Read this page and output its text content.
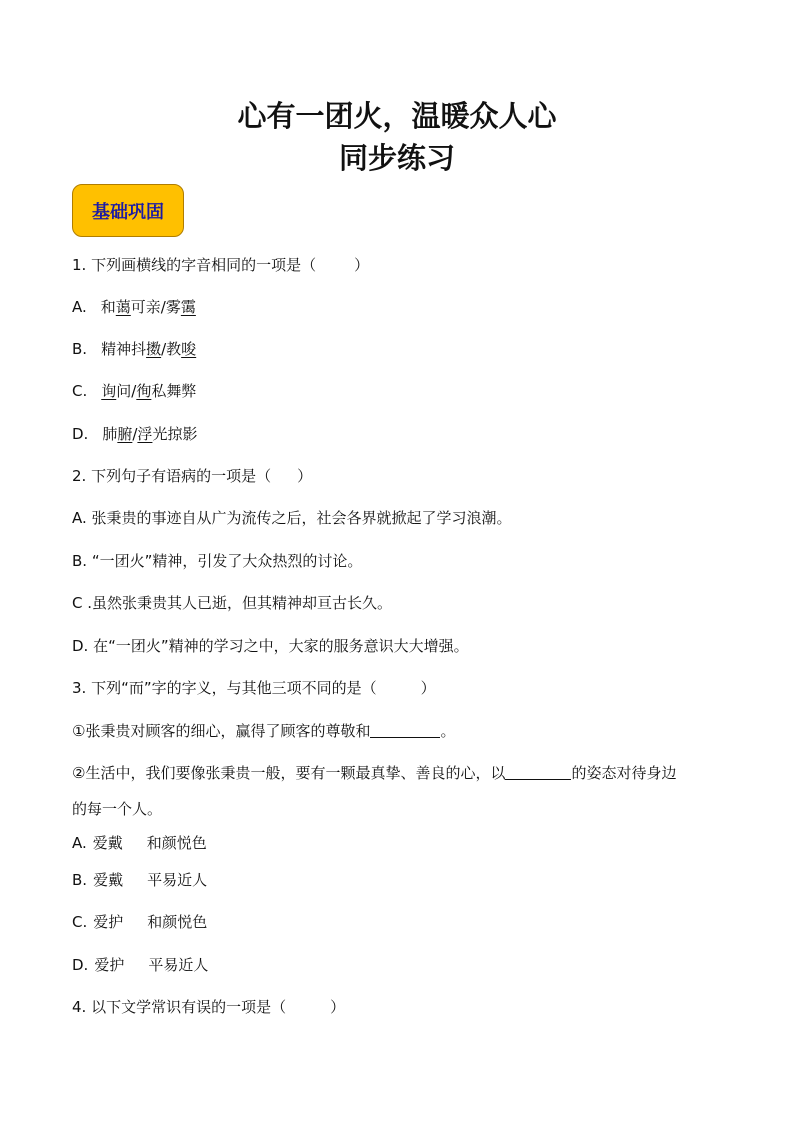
心有一团火，温暖众人心
同步练习
基础巩固
1. 下列画横线的字音相同的一项是（	）
A. 和蔼可亲/雾霭
B. 精神抖擞/教唆
C. 询问/徇私舞弊
D. 肺腑/浮光掠影
2. 下列句子有语病的一项是（ ）
A. 张秉贵的事迹自从广为流传之后，社会各界就掀起了学习浪潮。
B. “一团火”精神，引发了大众热烈的讨论。
C .虽然张秉贵其人已逝，但其精神却亘古长久。
D. 在“一团火”精神的学习之中，大家的服务意识大大增强。
3. 下列“而”字的字义，与其他三项不同的是（	）
①张秉贵对顾客的细心，赢得了顾客的尊敬和	。
②生活中，我们要像张秉贵一般，要有一颗最真挚、善良的心，以	的姿态对待身边
的每一个人。
A. 爱戴 和颜悦色
B. 爱戴 平易近人
C. 爱护 和颜悦色
D. 爱护 平易近人
4. 以下文学常识有误的一项是（	）
